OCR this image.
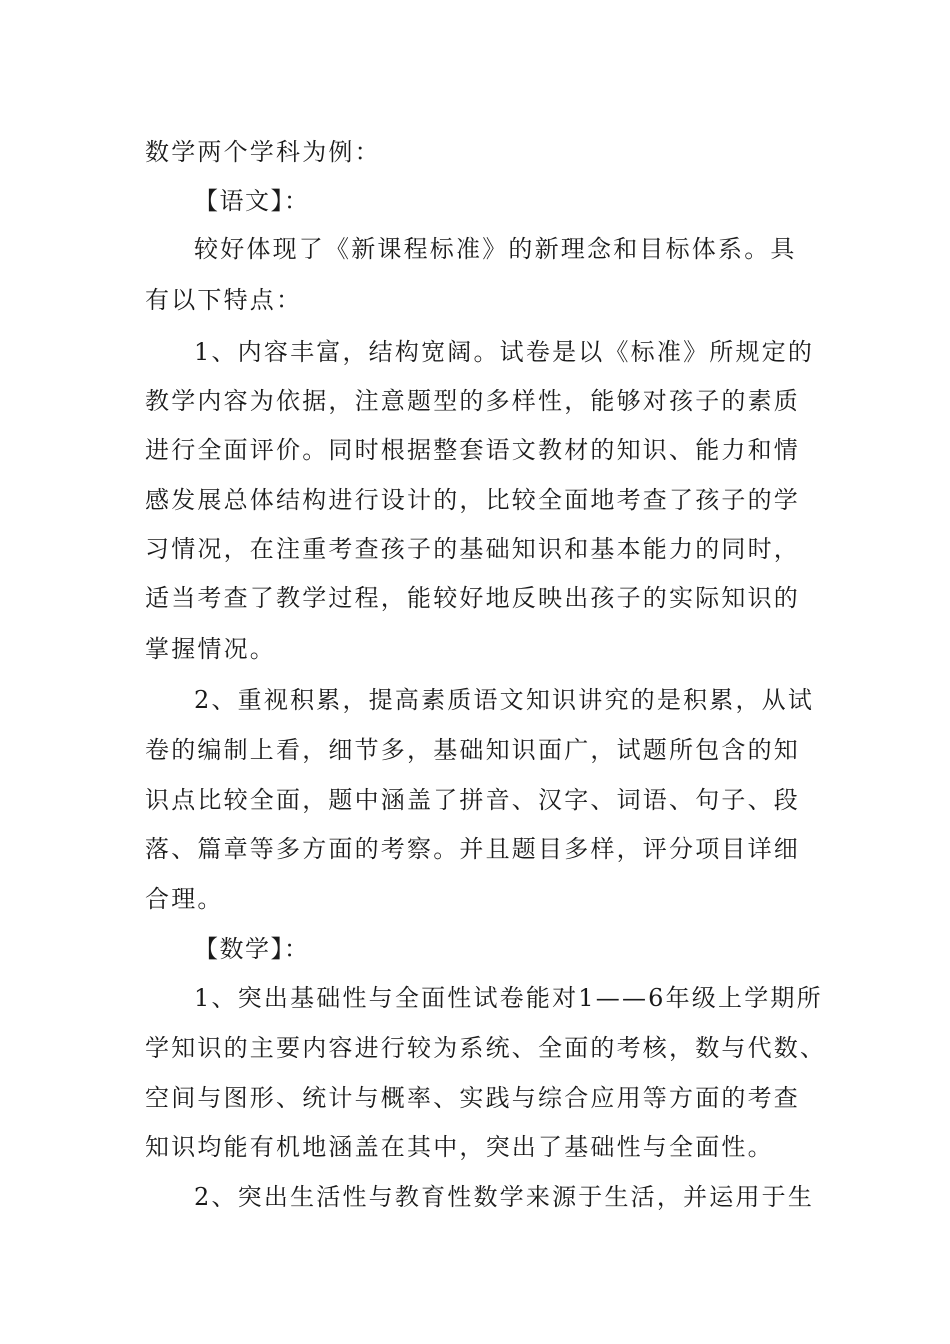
数学两个学科为例：
【语文】：
较好体现了《新课程标准》的新理念和目标体系。具
有以下特点：
1、内容丰富，结构宽阔。试卷是以《标准》所规定的
教学内容为依据，注意题型的多样性，能够对孩子的素质
进行全面评价。同时根据整套语文教材的知识、能力和情
感发展总体结构进行设计的，比较全面地考查了孩子的学
习情况，在注重考查孩子的基础知识和基本能力的同时，
适当考查了教学过程，能较好地反映出孩子的实际知识的
掌握情况。
2、重视积累，提高素质语文知识讲究的是积累，从试
卷的编制上看，细节多，基础知识面广，试题所包含的知
识点比较全面，题中涵盖了拼音、汉字、词语、句子、段
落、篇章等多方面的考察。并且题目多样，评分项目详细
合理。
【数学】：
1、突出基础性与全面性试卷能对1——6年级上学期所
学知识的主要内容进行较为系统、全面的考核，数与代数、
空间与图形、统计与概率、实践与综合应用等方面的考查
知识均能有机地涵盖在其中，突出了基础性与全面性。
2、突出生活性与教育性数学来源于生活，并运用于生
